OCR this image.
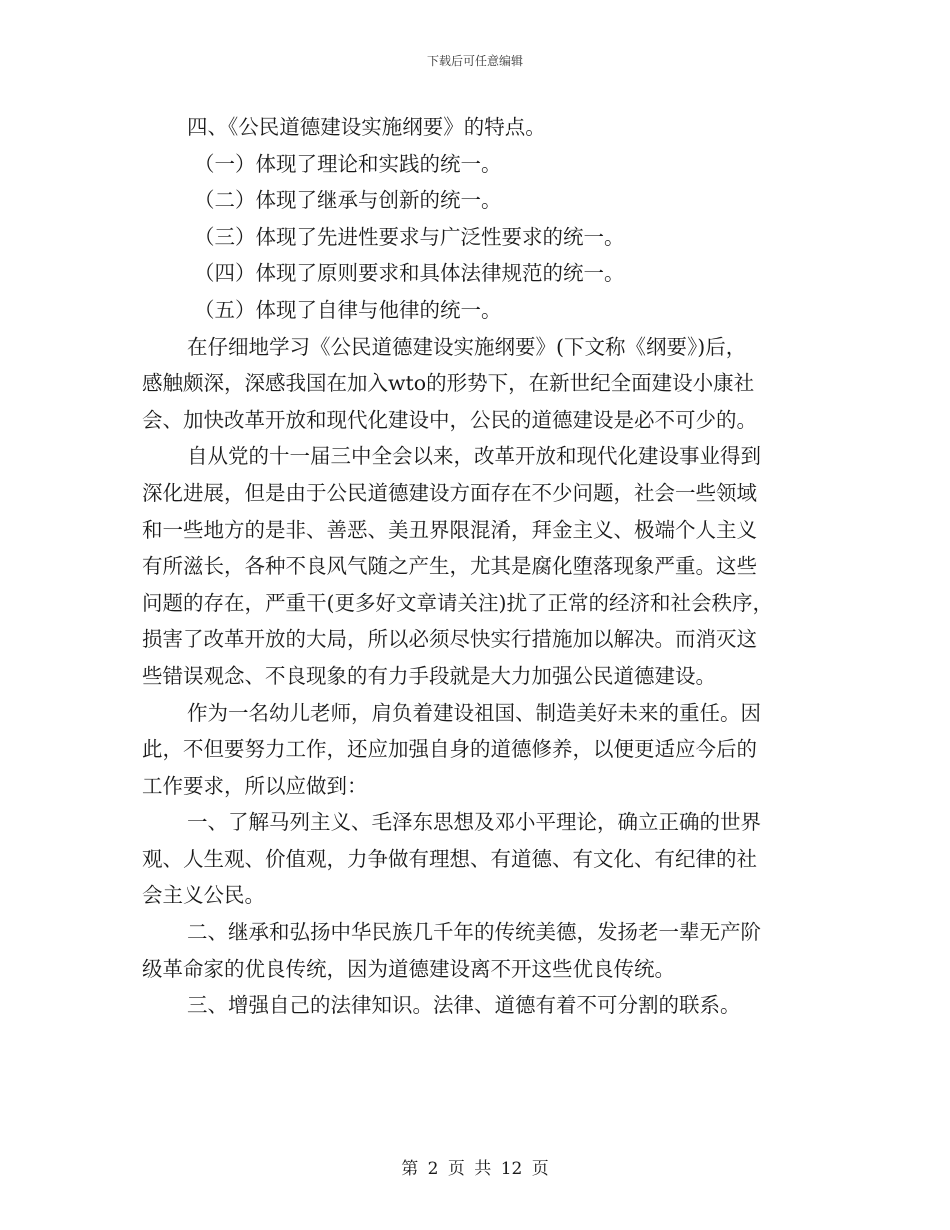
下载后可任意编辑
四、《公民道德建设实施纲要》的特点。
（一）体现了理论和实践的统一。
（二）体现了继承与创新的统一。
（三）体现了先进性要求与广泛性要求的统一。
（四）体现了原则要求和具体法律规范的统一。
（五）体现了自律与他律的统一。
在仔细地学习《公民道德建设实施纲要》(下文称《纲要》)后，
感触颇深，深感我国在加入wto的形势下，在新世纪全面建设小康社
会、加快改革开放和现代化建设中，公民的道德建设是必不可少的。
自从党的十一届三中全会以来，改革开放和现代化建设事业得到
深化进展，但是由于公民道德建设方面存在不少问题，社会一些领域
和一些地方的是非、善恶、美丑界限混淆，拜金主义、极端个人主义
有所滋长，各种不良风气随之产生，尤其是腐化堕落现象严重。这些
问题的存在，严重干(更多好文章请关注)扰了正常的经济和社会秩序，
损害了改革开放的大局，所以必须尽快实行措施加以解决。而消灭这
些错误观念、不良现象的有力手段就是大力加强公民道德建设。
作为一名幼儿老师，肩负着建设祖国、制造美好未来的重任。因
此，不但要努力工作，还应加强自身的道德修养，以便更适应今后的
工作要求，所以应做到：
一、了解马列主义、毛泽东思想及邓小平理论，确立正确的世界
观、人生观、价值观，力争做有理想、有道德、有文化、有纪律的社
会主义公民。
二、继承和弘扬中华民族几千年的传统美德，发扬老一辈无产阶
级革命家的优良传统，因为道德建设离不开这些优良传统。
三、增强自己的法律知识。法律、道德有着不可分割的联系。
第 2 页 共 12 页
